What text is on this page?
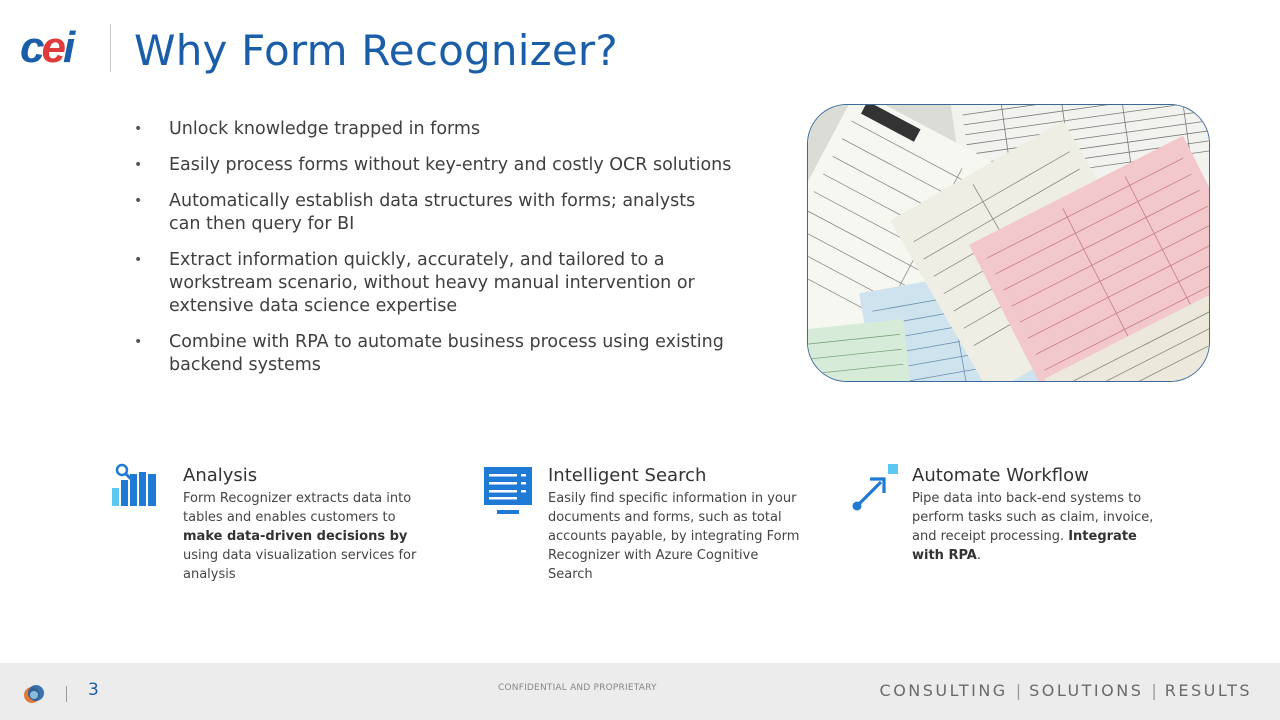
cei	Why Form Recognizer?
• Unlock knowledge trapped in forms
• Easily process forms without key-entry and costly OCR solutions
• Automatically establish data structures with forms; analysts can then query for BI
• Extract information quickly, accurately, and tailored to a workstream scenario, without heavy manual intervention or extensive data science expertise
• Combine with RPA to automate business process using existing backend systems
Analysis
Form Recognizer extracts data into tables and enables customers to make data-driven decisions by using data visualization services for analysis
Intelligent Search
Easily find specific information in your documents and forms, such as total accounts payable, by integrating Form Recognizer with Azure Cognitive Search
Automate Workflow
Pipe data into back-end systems to perform tasks such as claim, invoice, and receipt processing. Integrate with RPA.
3	CONFIDENTIAL AND PROPRIETARY	CONSULTING | SOLUTIONS | RESULTS
